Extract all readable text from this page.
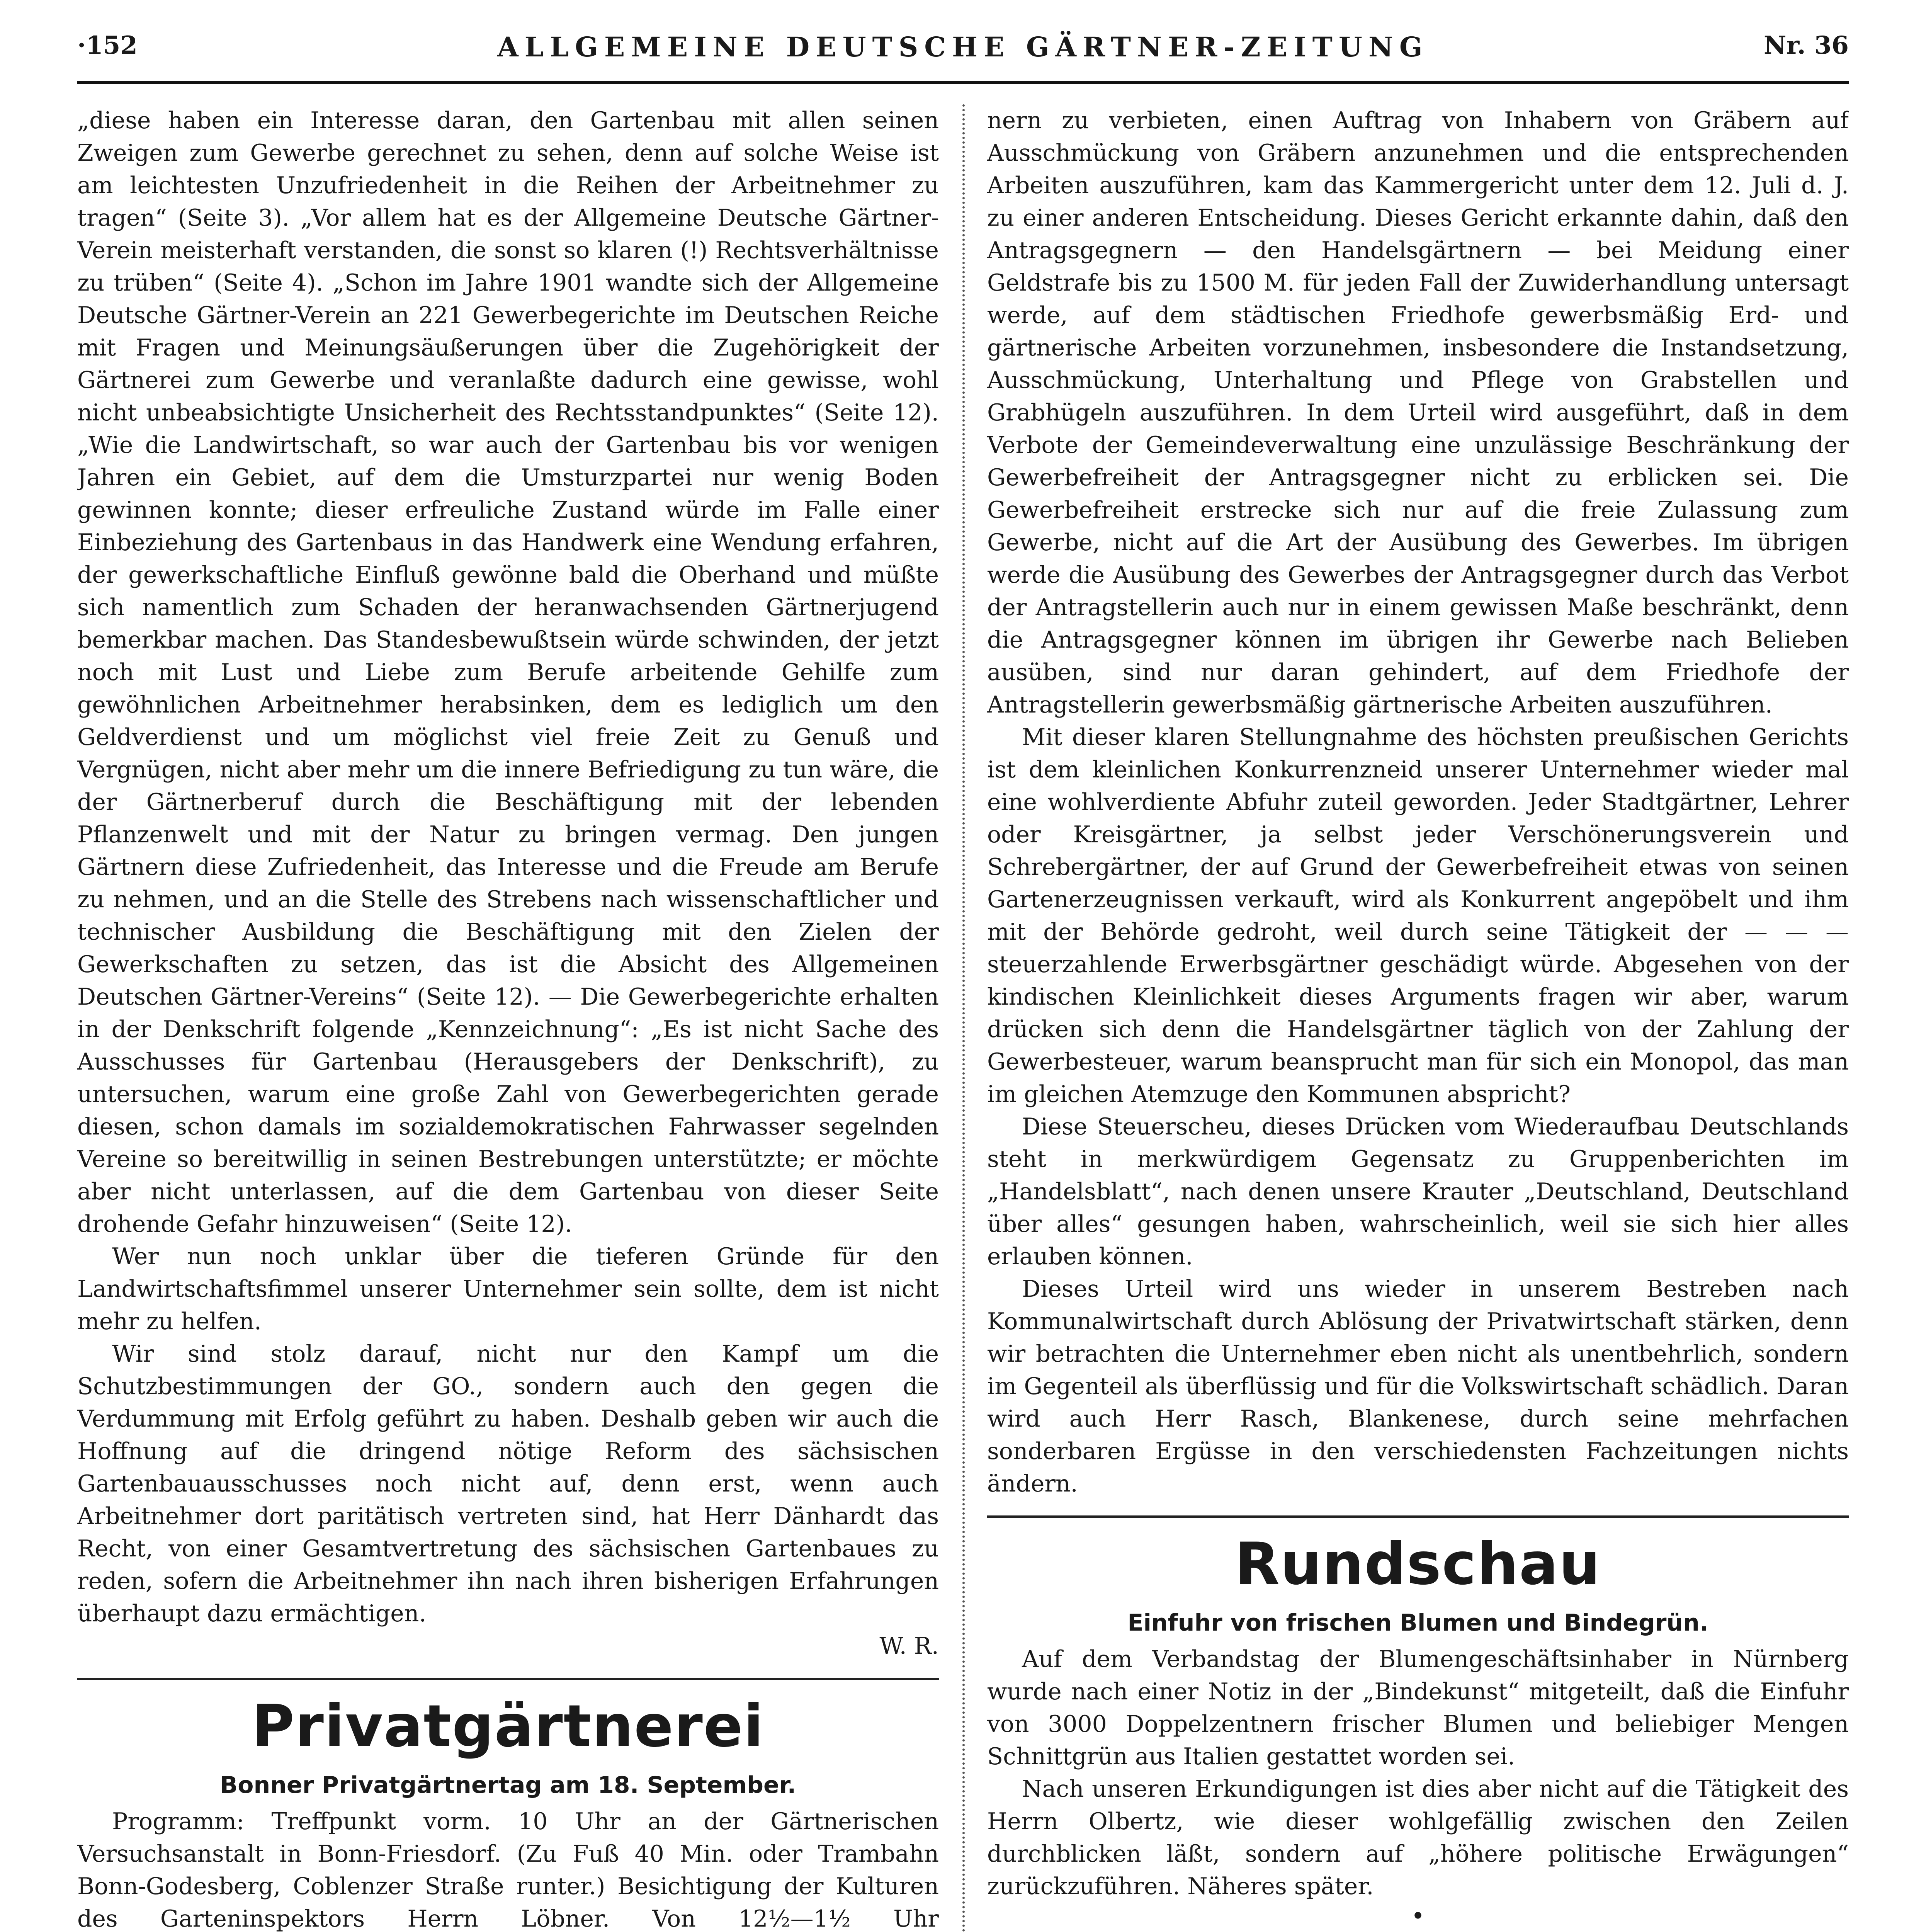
·152	ALLGEMEINE DEUTSCHE GÄRTNER-ZEITUNG	Nr. 36

„diese haben ein Interesse daran, den Gartenbau mit allen seinen Zweigen zum Gewerbe gerechnet zu sehen, denn auf solche Weise ist am leichtesten Unzufriedenheit in die Reihen der Arbeitnehmer zu tragen“ (Seite 3). „Vor allem hat es der Allgemeine Deutsche Gärtner-Verein meisterhaft verstanden, die sonst so klaren (!) Rechtsverhältnisse zu trüben“ (Seite 4). „Schon im Jahre 1901 wandte sich der Allgemeine Deutsche Gärtner-Verein an 221 Gewerbegerichte im Deutschen Reiche mit Fragen und Meinungsäußerungen über die Zugehörigkeit der Gärtnerei zum Gewerbe und veranlaßte dadurch eine gewisse, wohl nicht unbeabsichtigte Unsicherheit des Rechtsstandpunktes“ (Seite 12). „Wie die Landwirtschaft, so war auch der Gartenbau bis vor wenigen Jahren ein Gebiet, auf dem die Umsturzpartei nur wenig Boden gewinnen konnte; dieser erfreuliche Zustand würde im Falle einer Einbeziehung des Gartenbaus in das Handwerk eine Wendung erfahren, der gewerkschaftliche Einfluß gewönne bald die Oberhand und müßte sich namentlich zum Schaden der heranwachsenden Gärtnerjugend bemerkbar machen. Das Standesbewußtsein würde schwinden, der jetzt noch mit Lust und Liebe zum Berufe arbeitende Gehilfe zum gewöhnlichen Arbeitnehmer herabsinken, dem es lediglich um den Geldverdienst und um möglichst viel freie Zeit zu Genuß und Vergnügen, nicht aber mehr um die innere Befriedigung zu tun wäre, die der Gärtnerberuf durch die Beschäftigung mit der lebenden Pflanzenwelt und mit der Natur zu bringen vermag. Den jungen Gärtnern diese Zufriedenheit, das Interesse und die Freude am Berufe zu nehmen, und an die Stelle des Strebens nach wissenschaftlicher und technischer Ausbildung die Beschäftigung mit den Zielen der Gewerkschaften zu setzen, das ist die Absicht des Allgemeinen Deutschen Gärtner-Vereins“ (Seite 12). — Die Gewerbegerichte erhalten in der Denkschrift folgende „Kennzeichnung“: „Es ist nicht Sache des Ausschusses für Gartenbau (Herausgebers der Denkschrift), zu untersuchen, warum eine große Zahl von Gewerbegerichten gerade diesen, schon damals im sozialdemokratischen Fahrwasser segelnden Vereine so bereitwillig in seinen Bestrebungen unterstützte; er möchte aber nicht unterlassen, auf die dem Gartenbau von dieser Seite drohende Gefahr hinzuweisen“ (Seite 12).

Wer nun noch unklar über die tieferen Gründe für den Landwirtschaftsfimmel unserer Unternehmer sein sollte, dem ist nicht mehr zu helfen.

Wir sind stolz darauf, nicht nur den Kampf um die Schutzbestimmungen der GO., sondern auch den gegen die Verdummung mit Erfolg geführt zu haben. Deshalb geben wir auch die Hoffnung auf die dringend nötige Reform des sächsischen Gartenbauausschusses noch nicht auf, denn erst, wenn auch Arbeitnehmer dort paritätisch vertreten sind, hat Herr Dänhardt das Recht, von einer Gesamtvertretung des sächsischen Gartenbaues zu reden, sofern die Arbeitnehmer ihn nach ihren bisherigen Erfahrungen überhaupt dazu ermächtigen.

W. R.
Privatgärtnerei
Bonner Privatgärtnertag am 18. September.

Programm: Treffpunkt vorm. 10 Uhr an der Gärtnerischen Versuchsanstalt in Bonn-Friesdorf. (Zu Fuß 40 Min. oder Trambahn Bonn-Godesberg, Coblenzer Straße runter.) Besichtigung der Kulturen des Garteninspektors Herrn Löbner. Von 12½—1½ Uhr

nern zu verbieten, einen Auftrag von Inhabern von Gräbern auf Ausschmückung von Gräbern anzunehmen und die entsprechenden Arbeiten auszuführen, kam das Kammergericht unter dem 12. Juli d. J. zu einer anderen Entscheidung. Dieses Gericht erkannte dahin, daß den Antragsgegnern — den Handelsgärtnern — bei Meidung einer Geldstrafe bis zu 1500 M. für jeden Fall der Zuwiderhandlung untersagt werde, auf dem städtischen Friedhofe gewerbsmäßig Erd- und gärtnerische Arbeiten vorzunehmen, insbesondere die Instandsetzung, Ausschmückung, Unterhaltung und Pflege von Grabstellen und Grabhügeln auszuführen. In dem Urteil wird ausgeführt, daß in dem Verbote der Gemeindeverwaltung eine unzulässige Beschränkung der Gewerbefreiheit der Antragsgegner nicht zu erblicken sei. Die Gewerbefreiheit erstrecke sich nur auf die freie Zulassung zum Gewerbe, nicht auf die Art der Ausübung des Gewerbes. Im übrigen werde die Ausübung des Gewerbes der Antragsgegner durch das Verbot der Antragstellerin auch nur in einem gewissen Maße beschränkt, denn die Antragsgegner können im übrigen ihr Gewerbe nach Belieben ausüben, sind nur daran gehindert, auf dem Friedhofe der Antragstellerin gewerbsmäßig gärtnerische Arbeiten auszuführen.

Mit dieser klaren Stellungnahme des höchsten preußischen Gerichts ist dem kleinlichen Konkurrenzneid unserer Unternehmer wieder mal eine wohlverdiente Abfuhr zuteil geworden. Jeder Stadtgärtner, Lehrer oder Kreisgärtner, ja selbst jeder Verschönerungsverein und Schrebergärtner, der auf Grund der Gewerbefreiheit etwas von seinen Gartenerzeugnissen verkauft, wird als Konkurrent angepöbelt und ihm mit der Behörde gedroht, weil durch seine Tätigkeit der — — — steuerzahlende Erwerbsgärtner geschädigt würde. Abgesehen von der kindischen Kleinlichkeit dieses Arguments fragen wir aber, warum drücken sich denn die Handelsgärtner täglich von der Zahlung der Gewerbesteuer, warum beansprucht man für sich ein Monopol, das man im gleichen Atemzuge den Kommunen abspricht?

Diese Steuerscheu, dieses Drücken vom Wiederaufbau Deutschlands steht in merkwürdigem Gegensatz zu Gruppenberichten im „Handelsblatt“, nach denen unsere Krauter „Deutschland, Deutschland über alles“ gesungen haben, wahrscheinlich, weil sie sich hier alles erlauben können.

Dieses Urteil wird uns wieder in unserem Bestreben nach Kommunalwirtschaft durch Ablösung der Privatwirtschaft stärken, denn wir betrachten die Unternehmer eben nicht als unentbehrlich, sondern im Gegenteil als überflüssig und für die Volkswirtschaft schädlich. Daran wird auch Herr Rasch, Blankenese, durch seine mehrfachen sonderbaren Ergüsse in den verschiedensten Fachzeitungen nichts ändern.

Rundschau
Einfuhr von frischen Blumen und Bindegrün.

Auf dem Verbandstag der Blumengeschäftsinhaber in Nürnberg wurde nach einer Notiz in der „Bindekunst“ mitgeteilt, daß die Einfuhr von 3000 Doppelzentnern frischer Blumen und beliebiger Mengen Schnittgrün aus Italien gestattet worden sei.

Nach unseren Erkundigungen ist dies aber nicht auf die Tätigkeit des Herrn Olbertz, wie dieser wohlgefällig zwischen den Zeilen durchblicken läßt, sondern auf „höhere politische Erwägungen“ zurückzuführen. Näheres später.

•
